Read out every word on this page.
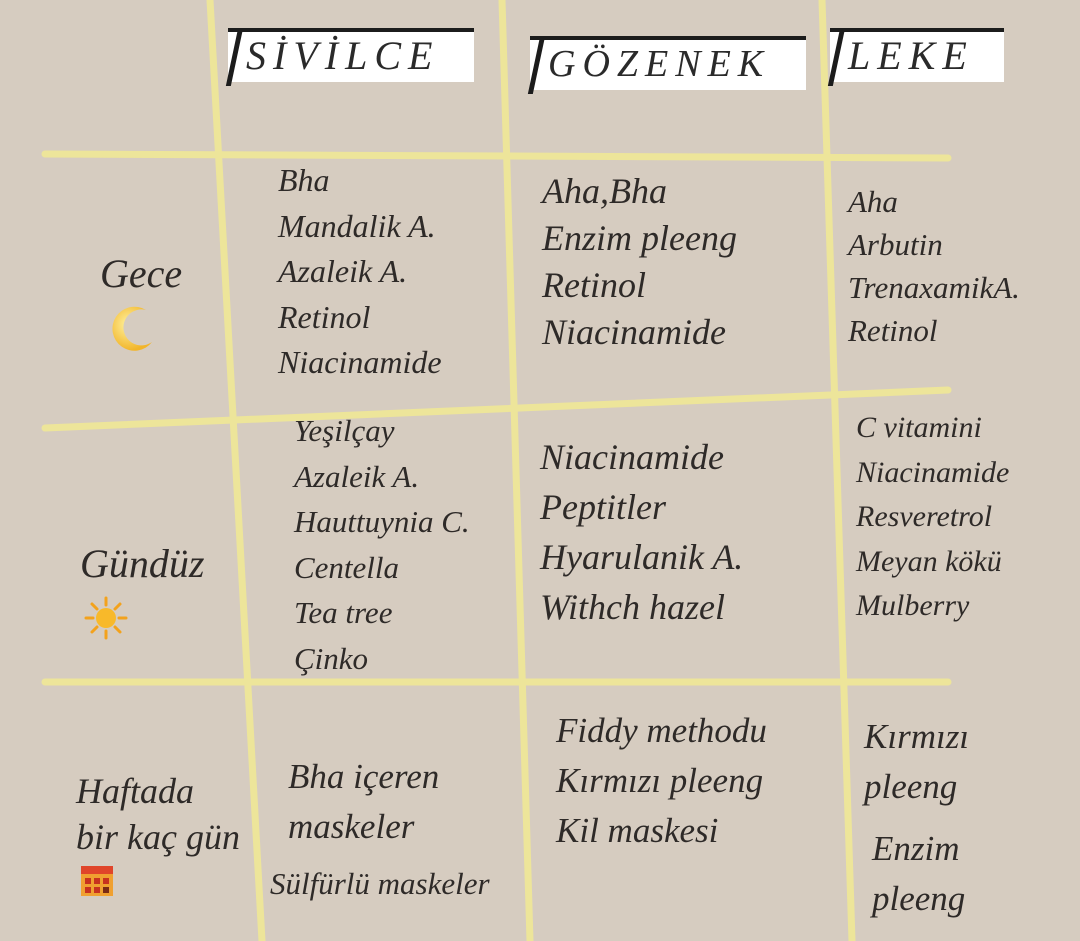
SİVİLCE	GÖZENEK	LEKE
Gece
Gündüz
Haftada
bir kaç gün
Bha
Mandalik A.
Azaleik A.
Retinol
Niacinamide
Aha,Bha
Enzim pleeng
Retinol
Niacinamide
Aha
Arbutin
TrenaxamikA.
Retinol
Yeşilçay
Azaleik A.
Hauttuynia C.
Centella
Tea tree
Çinko
Niacinamide
Peptitler
Hyarulanik A.
Withch hazel
C vitamini
Niacinamide
Resveretrol
Meyan kökü
Mulberry
Bha içeren
maskeler
Sülfürlü maskeler
Fiddy methodu
Kırmızı pleeng
Kil maskesi
Kırmızı
pleeng
Enzim
pleeng
